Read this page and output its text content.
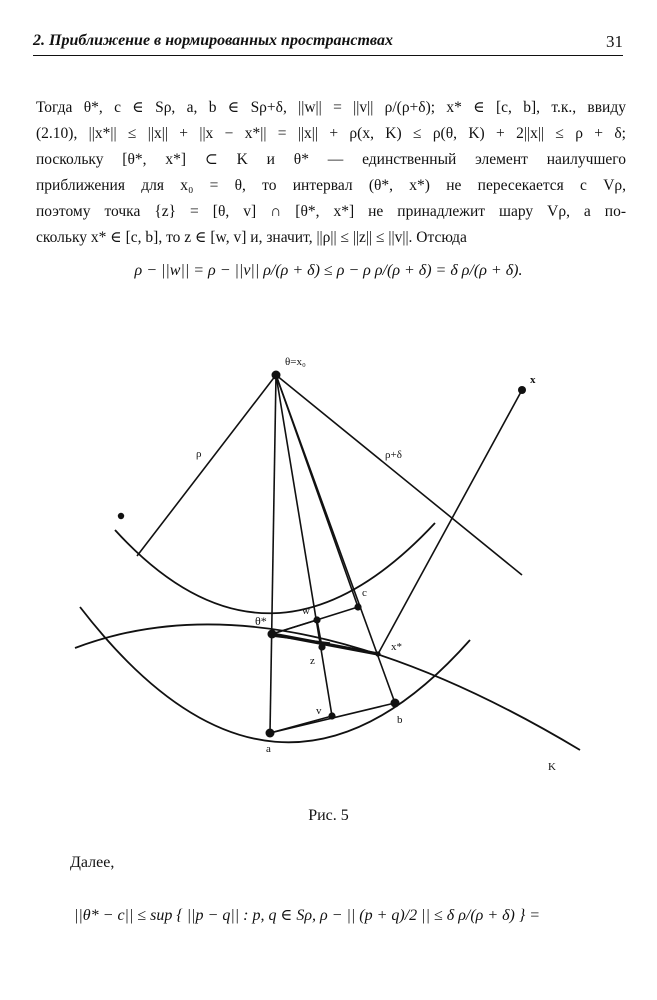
2. Приближение в нормированных пространствах	31
Тогда θ*, c ∈ Sρ, a, b ∈ Sρ+δ, ||w|| = ||v|| ρ/(ρ+δ); x* ∈ [c, b], т.к., ввиду
(2.10), ||x*|| ≤ ||x|| + ||x − x*|| = ||x|| + ρ(x, K) ≤ ρ(θ, K) + 2||x|| ≤ ρ + δ;
поскольку [θ*, x*] ⊂ K и θ* — единственный элемент наилучшего
приближения для x₀ = θ, то интервал (θ*, x*) не пересекается с Vρ,
поэтому точка {z} = [θ, v] ∩ [θ*, x*] не принадлежит шару Vρ, а по-
скольку x* ∈ [c, b], то z ∈ [w, v] и, значит, ||ρ|| ≤ ||z|| ≤ ||v||. Отсюда
ρ − ||w|| = ρ − ||v|| ρ/(ρ + δ) ≤ ρ − ρ ρ/(ρ + δ) = δ ρ/(ρ + δ).
θ=x₀
x
ρ	ρ+δ
θ*
w
c
x*
z
v
a
b
K
Рис. 5
Далее,
||θ* − c|| ≤ sup { ||p − q|| : p, q ∈ Sρ, ρ − || (p + q)/2 || ≤ δ ρ/(ρ + δ) } =
